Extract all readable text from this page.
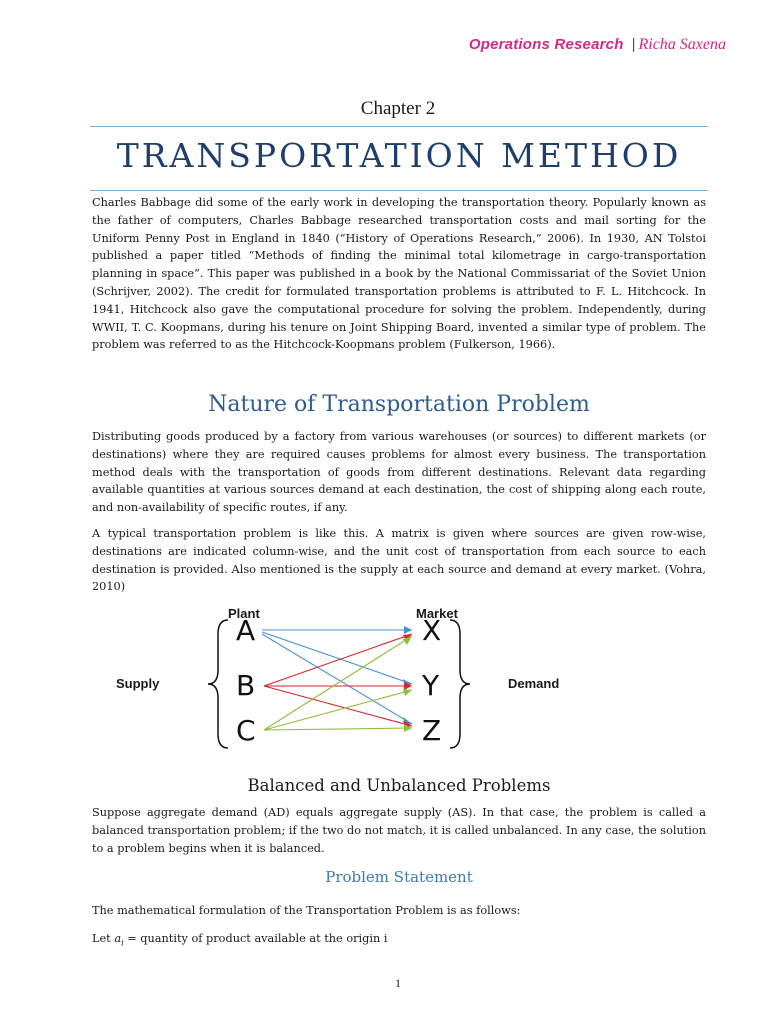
Operations Research | Richa Saxena
Chapter 2
TRANSPORTATION METHOD
Charles Babbage did some of the early work in developing the transportation theory. Popularly known as the father of computers, Charles Babbage researched transportation costs and mail sorting for the Uniform Penny Post in England in 1840 (“History of Operations Research,” 2006). In 1930, AN Tolstoi published a paper titled “Methods of finding the minimal total kilometrage in cargo-transportation planning in space”. This paper was published in a book by the National Commissariat of the Soviet Union (Schrijver, 2002). The credit for formulated transportation problems is attributed to F. L. Hitchcock. In 1941, Hitchcock also gave the computational procedure for solving the problem. Independently, during WWII, T. C. Koopmans, during his tenure on Joint Shipping Board, invented a similar type of problem. The problem was referred to as the Hitchcock-Koopmans problem (Fulkerson, 1966).
Nature of Transportation Problem
Distributing goods produced by a factory from various warehouses (or sources) to different markets (or destinations) where they are required causes problems for almost every business. The transportation method deals with the transportation of goods from different destinations. Relevant data regarding available quantities at various sources demand at each destination, the cost of shipping along each route, and non-availability of specific routes, if any.
A typical transportation problem is like this. A matrix is given where sources are given row-wise, destinations are indicated column-wise, and the unit cost of transportation from each source to each destination is provided. Also mentioned is the supply at each source and demand at every market. (Vohra, 2010)
Plant	Market
Supply	Demand
A
B
C
X
Y
Z
Balanced and Unbalanced Problems
Suppose aggregate demand (AD) equals aggregate supply (AS). In that case, the problem is called a balanced transportation problem; if the two do not match, it is called unbalanced. In any case, the solution to a problem begins when it is balanced.
Problem Statement
The mathematical formulation of the Transportation Problem is as follows:
Let $a_i$ = quantity of product available at the origin i
1
